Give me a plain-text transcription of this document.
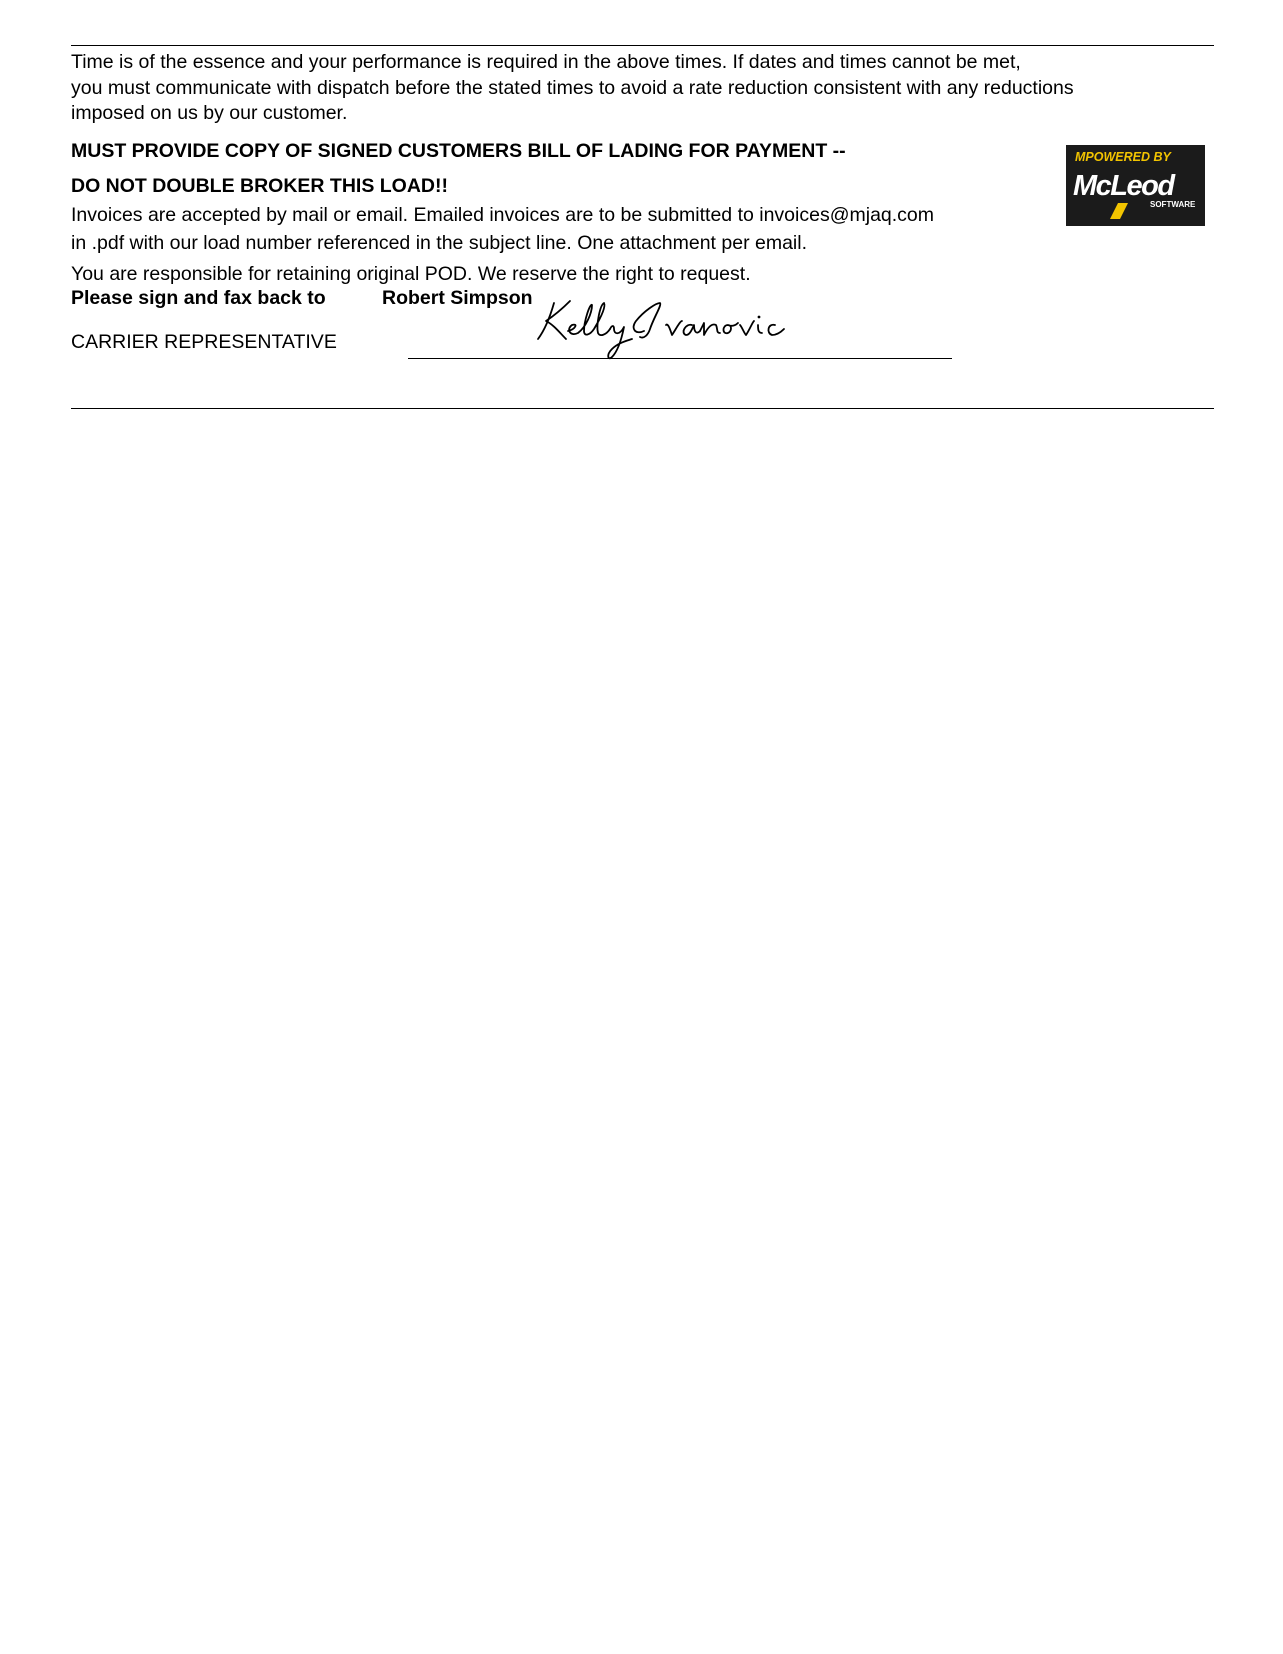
Time is of the essence and your performance is required in the above times. If dates and times cannot be met,
you must communicate with dispatch before the stated times to avoid a rate reduction consistent with any reductions
imposed on us by our customer.
MUST PROVIDE COPY OF SIGNED CUSTOMERS BILL OF LADING FOR PAYMENT --
DO NOT DOUBLE BROKER THIS LOAD!!
Invoices are accepted by mail or email. Emailed invoices are to be submitted to invoices@mjaq.com
in .pdf with our load number referenced in the subject line. One attachment per email.
You are responsible for retaining original POD. We reserve the right to request.
Please sign and fax back to	Robert Simpson
CARRIER REPRESENTATIVE
MPOWERED BY
McLeod
SOFTWARE
